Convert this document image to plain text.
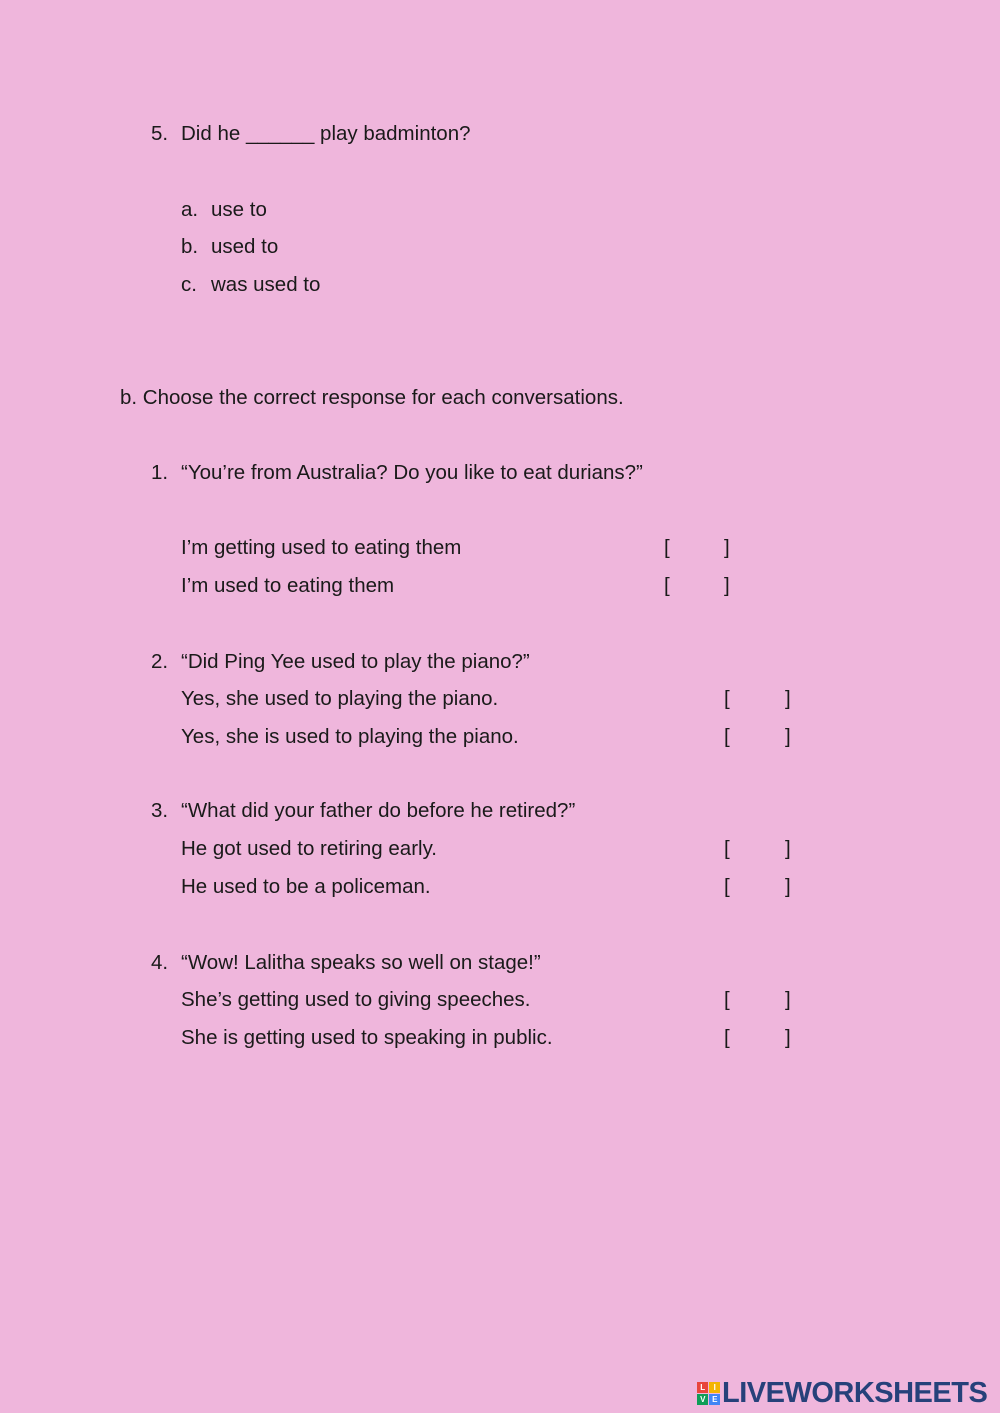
5. Did he ______ play badminton?
a. use to
b. used to
c. was used to
b. Choose the correct response for each conversations.
1. “You’re from Australia? Do you like to eat durians?”
I’m getting used to eating them	[	]
I’m used to eating them	[	]
2. “Did Ping Yee used to play the piano?”
Yes, she used to playing the piano.	[	]
Yes, she is used to playing the piano.	[	]
3. “What did your father do before he retired?”
He got used to retiring early.	[	]
He used to be a policeman.	[	]
4. “Wow! Lalitha speaks so well on stage!”
She’s getting used to giving speeches.	[	]
She is getting used to speaking in public.	[	]
L	I
V E LIVEWORKSHEETS
